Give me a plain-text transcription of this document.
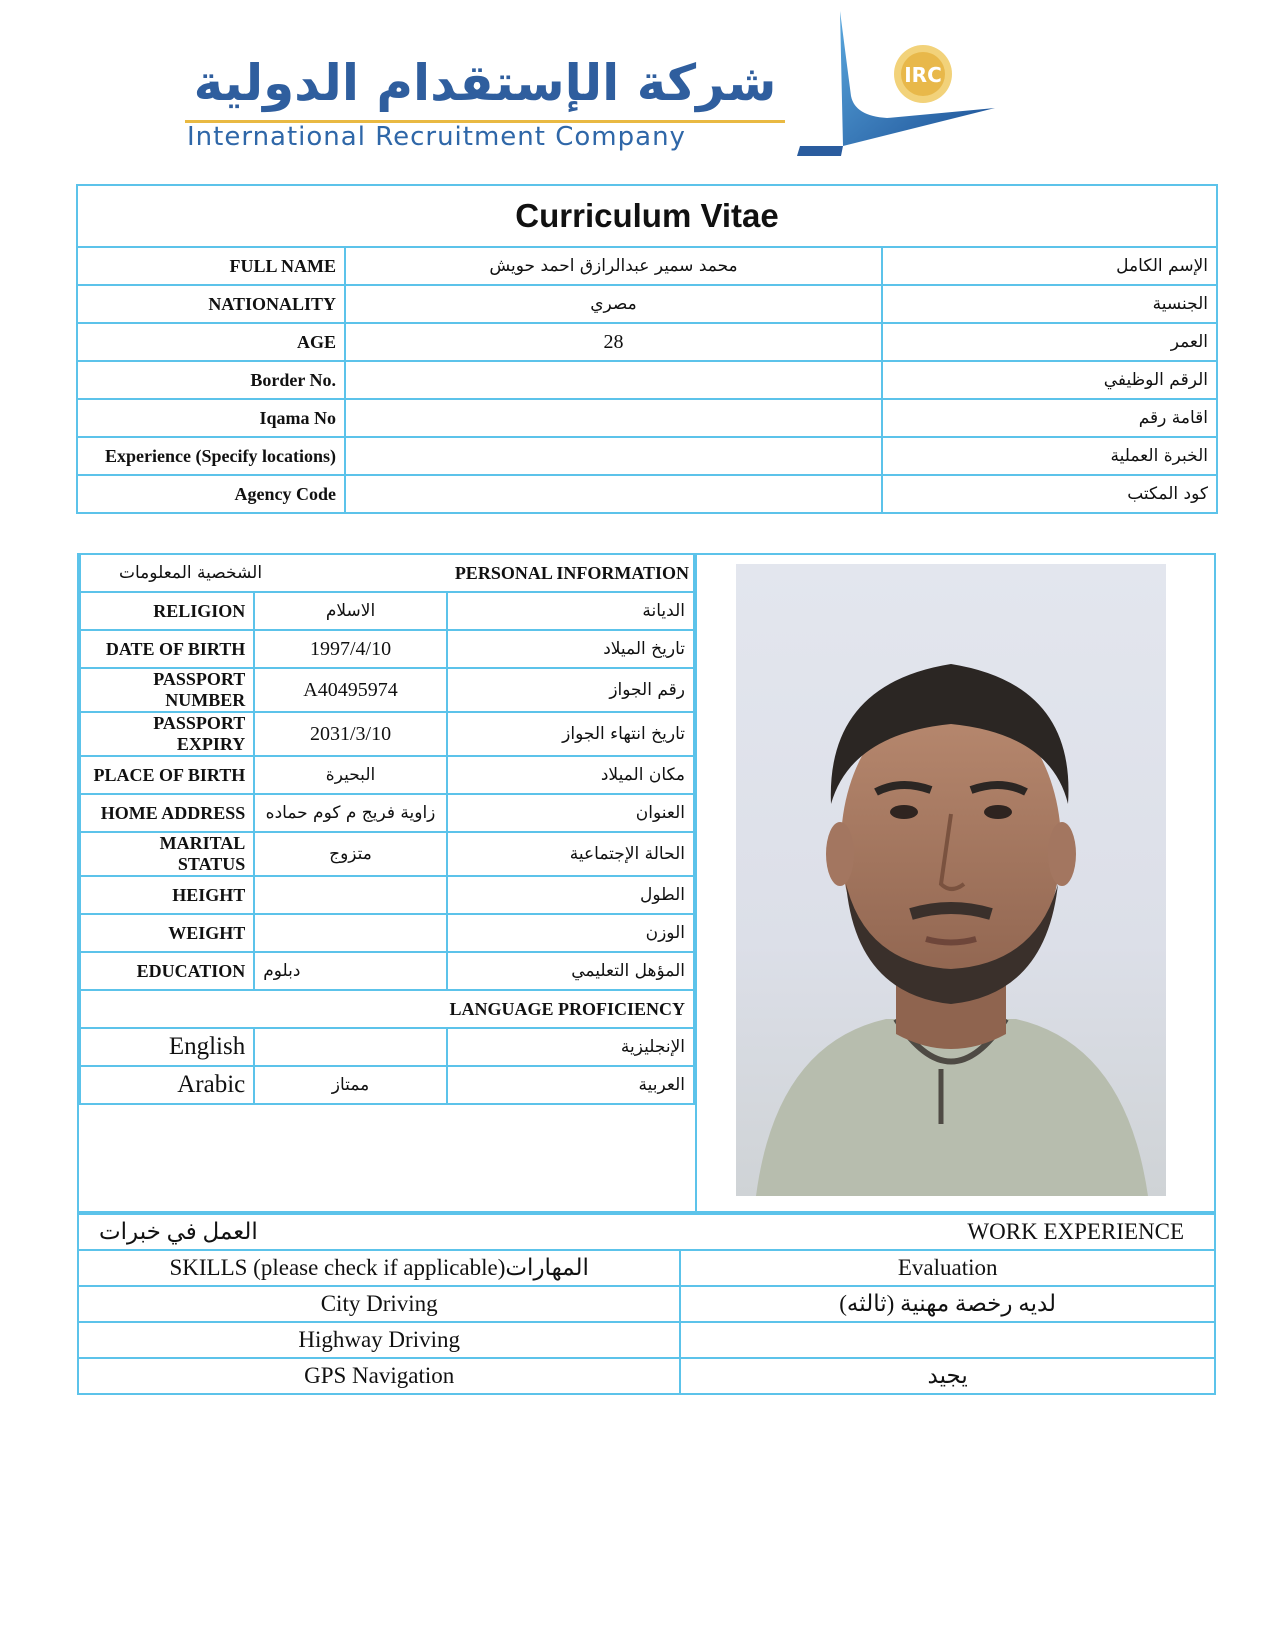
شركة الإستقدام الدولية
International Recruitment Company
IRC
Curriculum Vitae		
FULL NAME	محمد سمير عبدالرازق احمد حويش	الإسم الكامل
NATIONALITY	مصري	الجنسية
AGE	28	العمر
Border No.		الرقم الوظيفي
Iqama No		اقامة رقم
Experience (Specify locations)		الخبرة العملية
Agency Code		كود المكتب
الشخصية المعلومات		PERSONAL INFORMATION
RELIGION	الاسلام	الديانة
DATE OF BIRTH	1997/4/10	تاريخ الميلاد
PASSPORT NUMBER	A40495974	رقم الجواز
PASSPORT EXPIRY	2031/3/10	تاريخ انتهاء الجواز
PLACE OF BIRTH	البحيرة	مكان الميلاد
HOME ADDRESS	زاوية فريج م كوم حماده	العنوان
MARITAL STATUS	متزوج	الحالة الإجتماعية
HEIGHT		الطول
WEIGHT		الوزن
EDUCATION	دبلوم	المؤهل التعليمي
LANGUAGE PROFICIENCY		
English		الإنجليزية
Arabic	ممتاز	العربية
العمل في خبرات	WORK EXPERIENCE
SKILLS (please check if applicable)المهارات	Evaluation
City Driving	لديه رخصة مهنية (ثالثه)
Highway Driving	
GPS Navigation	يجيد
